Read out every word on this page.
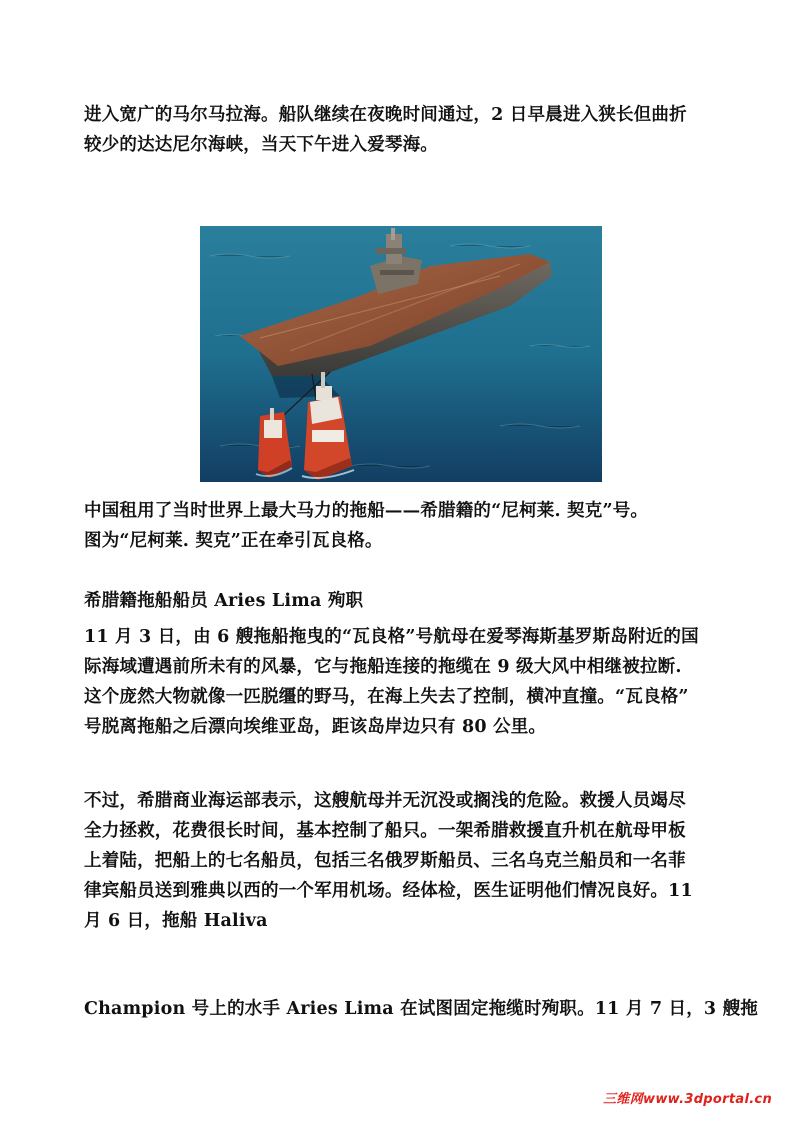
进入宽广的马尔马拉海。船队继续在夜晚时间通过，2 日早晨进入狭长但曲折
较少的达达尼尔海峡，当天下午进入爱琴海。
中国租用了当时世界上最大马力的拖船——希腊籍的“尼柯莱. 契克”号。
图为“尼柯莱. 契克”正在牵引瓦良格。
希腊籍拖船船员 Aries Lima 殉职
11 月 3 日，由 6 艘拖船拖曳的“瓦良格”号航母在爱琴海斯基罗斯岛附近的国
际海域遭遇前所未有的风暴，它与拖船连接的拖缆在 9 级大风中相继被拉断.
这个庞然大物就像一匹脱缰的野马，在海上失去了控制，横冲直撞。“瓦良格”
号脱离拖船之后漂向埃维亚岛，距该岛岸边只有 80 公里。
不过，希腊商业海运部表示，这艘航母并无沉没或搁浅的危险。救援人员竭尽
全力拯救，花费很长时间，基本控制了船只。一架希腊救援直升机在航母甲板
上着陆，把船上的七名船员，包括三名俄罗斯船员、三名乌克兰船员和一名菲
律宾船员送到雅典以西的一个军用机场。经体检，医生证明他们情况良好。11
月 6 日，拖船 Haliva
Champion 号上的水手 Aries Lima 在试图固定拖缆时殉职。11 月 7 日，3 艘拖
三维网www.3dportal.cn
